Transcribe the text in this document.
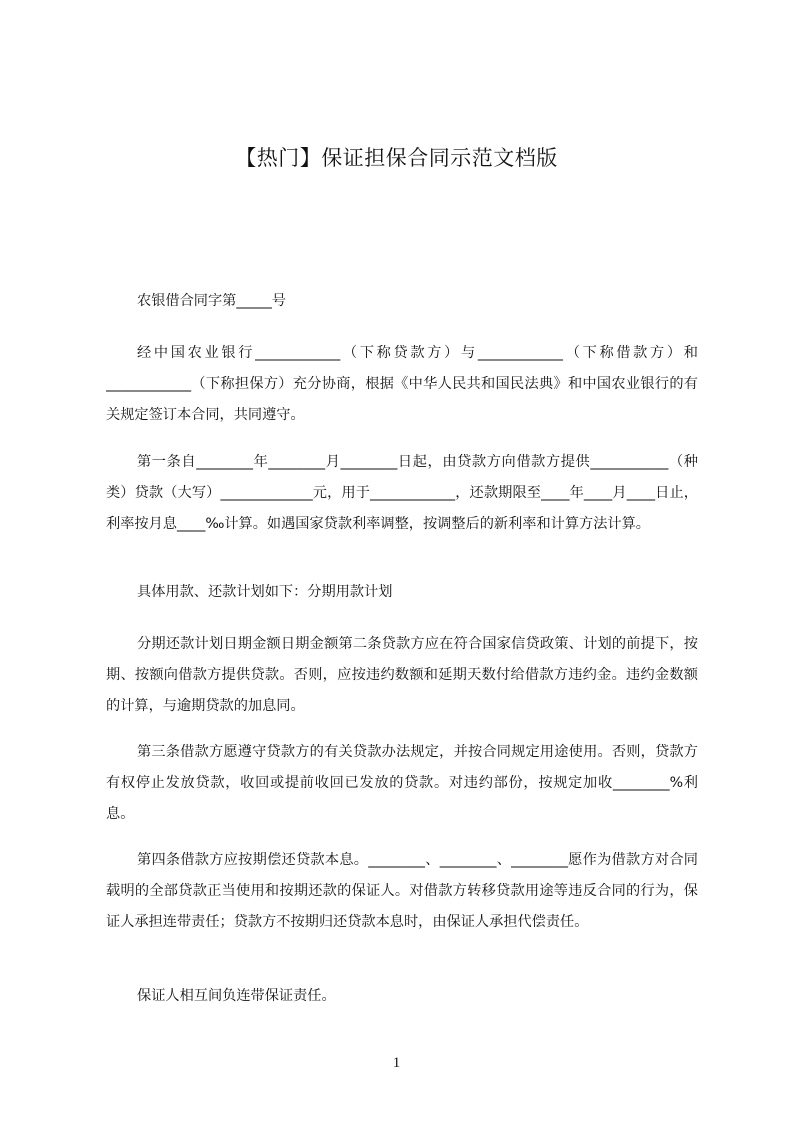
【热门】保证担保合同示范文档版
农银借合同字第_____号
经中国农业银行____________（下称贷款方）与____________（下称借款方）和____________（下称担保方）充分协商，根据《中华人民共和国民法典》和中国农业银行的有关规定签订本合同，共同遵守。
第一条自________年________月________日起，由贷款方向借款方提供___________（种类）贷款（大写）_____________元，用于____________，还款期限至____年____月____日止，利率按月息____‰计算。如遇国家贷款利率调整，按调整后的新利率和计算方法计算。
具体用款、还款计划如下：分期用款计划
分期还款计划日期金额日期金额第二条贷款方应在符合国家信贷政策、计划的前提下，按期、按额向借款方提供贷款。否则，应按违约数额和延期天数付给借款方违约金。违约金数额的计算，与逾期贷款的加息同。
第三条借款方愿遵守贷款方的有关贷款办法规定，并按合同规定用途使用。否则，贷款方有权停止发放贷款，收回或提前收回已发放的贷款。对违约部份，按规定加收________%利息。
第四条借款方应按期偿还贷款本息。________、________、________愿作为借款方对合同载明的全部贷款正当使用和按期还款的保证人。对借款方转移贷款用途等违反合同的行为，保证人承担连带责任；贷款方不按期归还贷款本息时，由保证人承担代偿责任。
保证人相互间负连带保证责任。
1
